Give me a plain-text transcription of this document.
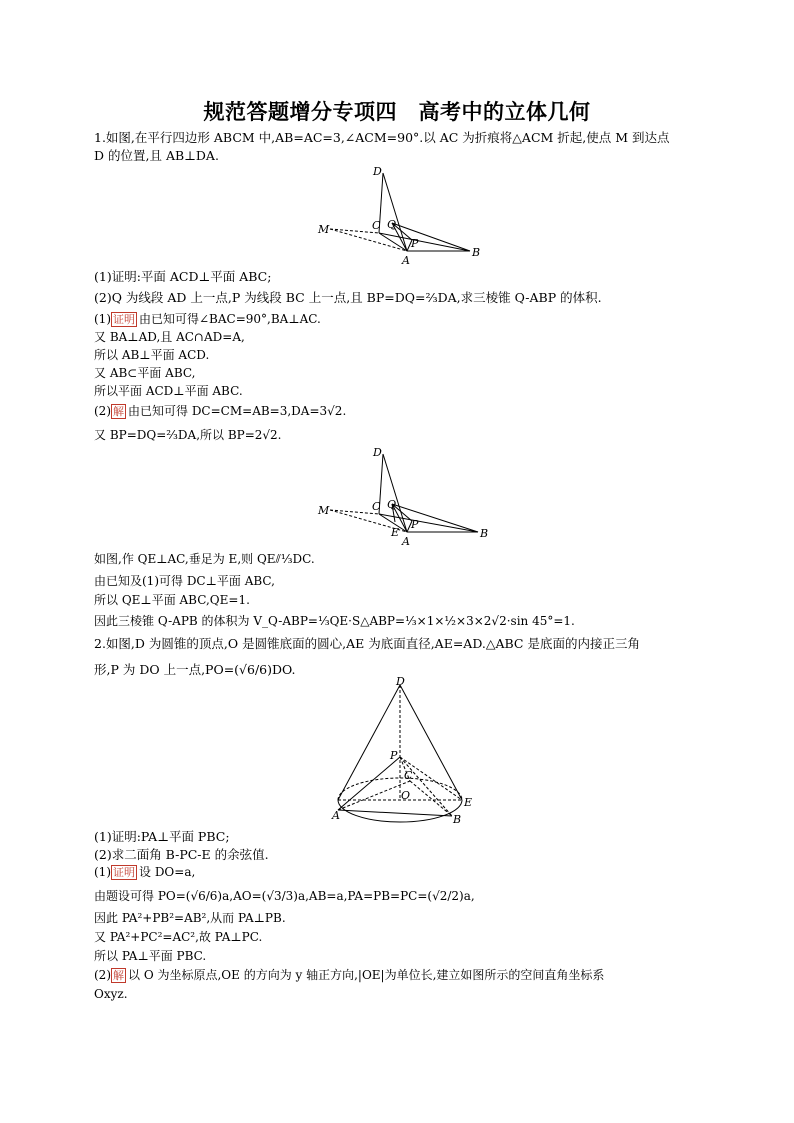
规范答题增分专项四　高考中的立体几何
1.如图,在平行四边形 ABCM 中,AB=AC=3,∠ACM=90°.以 AC 为折痕将△ACM 折起,使点 M 到达点
D 的位置,且 AB⊥DA.
D
M	C Q
P
A
B
(1)证明:平面 ACD⊥平面 ABC;
(2)Q 为线段 AD 上一点,P 为线段 BC 上一点,且 BP=DQ=⅔DA,求三棱锥 Q-ABP 的体积.
(1) 证明 由已知可得∠BAC=90°,BA⊥AC.
又 BA⊥AD,且 AC∩AD=A,
所以 AB⊥平面 ACD.
又 AB⊂平面 ABC,
所以平面 ACD⊥平面 ABC.
(2) 解 由已知可得 DC=CM=AB=3,DA=3√2.
又 BP=DQ=⅔DA,所以 BP=2√2.
D
M	C Q
P
E
A
B
如图,作 QE⊥AC,垂足为 E,则 QE⫽⅓DC.
由已知及(1)可得 DC⊥平面 ABC,
所以 QE⊥平面 ABC,QE=1.
因此三棱锥 Q-APB 的体积为 V_Q-ABP=⅓QE·S△ABP=⅓×1×½×3×2√2·sin 45°=1.
2.如图,D 为圆锥的顶点,O 是圆锥底面的圆心,AE 为底面直径,AE=AD.△ABC 是底面的内接正三角
形,P 为 DO 上一点,PO=(√6/6)DO.
D
P
C
O
E
A	B
(1)证明:PA⊥平面 PBC;
(2)求二面角 B-PC-E 的余弦值.
(1) 证明 设 DO=a,
由题设可得 PO=(√6/6)a,AO=(√3/3)a,AB=a,PA=PB=PC=(√2/2)a,
因此 PA²+PB²=AB²,从而 PA⊥PB.
又 PA²+PC²=AC²,故 PA⊥PC.
所以 PA⊥平面 PBC.
(2) 解 以 O 为坐标原点,OE 的方向为 y 轴正方向,|OE|为单位长,建立如图所示的空间直角坐标系
Oxyz.
